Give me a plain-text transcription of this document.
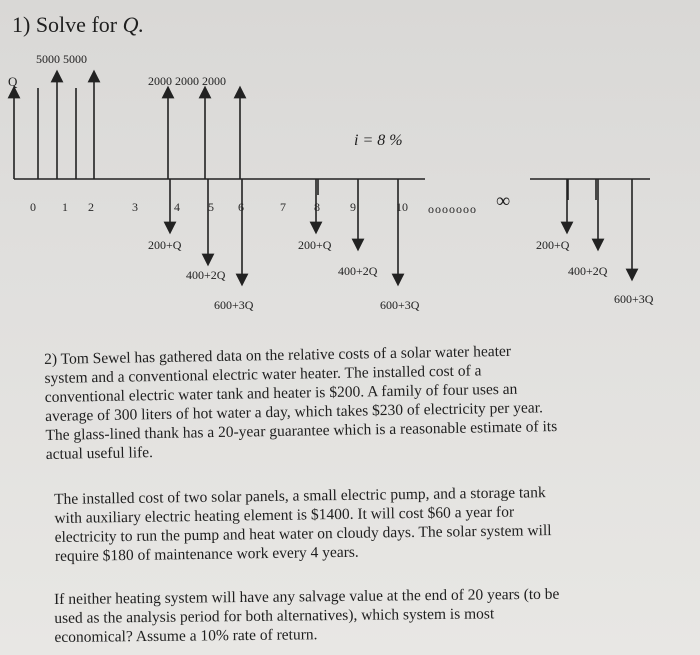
1) Solve for Q.
Q
5000 5000
2000 2000 2000
i = 8 %
0 1 2	3	4 5 6	7 8	9	10 ooooooo ∞
200+Q
400+2Q
600+3Q
200+Q
400+2Q
600+3Q
200+Q
400+2Q
600+3Q
2) Tom Sewel has gathered data on the relative costs of a solar water heater
system and a conventional electric water heater. The installed cost of a
conventional electric water tank and heater is $200. A family of four uses an
average of 300 liters of hot water a day, which takes $230 of electricity per year.
The glass-lined thank has a 20-year guarantee which is a reasonable estimate of its
actual useful life.
The installed cost of two solar panels, a small electric pump, and a storage tank
with auxiliary electric heating element is $1400. It will cost $60 a year for
electricity to run the pump and heat water on cloudy days. The solar system will
require $180 of maintenance work every 4 years.
If neither heating system will have any salvage value at the end of 20 years (to be
used as the analysis period for both alternatives), which system is most
economical? Assume a 10% rate of return.
